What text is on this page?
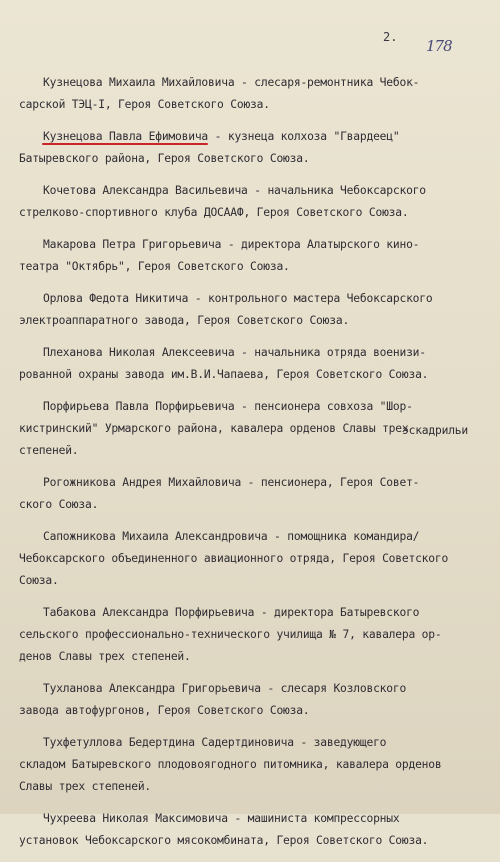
2. 178
эскадрильи
Кузнецова Михаила Михайловича - слесаря-ремонтника Чебок-
сарской ТЭЦ-I, Героя Советского Союза.
Кузнецова Павла Ефимовича
- кузнеца колхоза "Гвардеец"
Батыревского района, Героя Советского Союза.
Кочетова Александра Васильевича - начальника Чебоксарского
стрелково-спортивного клуба ДОСААФ, Героя Советского Союза.
Макарова Петра Григорьевича - директора Алатырского кино-
театра "Октябрь", Героя Советского Союза.
Орлова Федота Никитича - контрольного мастера Чебоксарского
электроаппаратного завода, Героя Советского Союза.
Плеханова Николая Алексеевича - начальника отряда военизи-
рованной охраны завода им.В.И.Чапаева, Героя Советского Союза.
Порфирьева Павла Порфирьевича - пенсионера совхоза "Шор-
кистринский" Урмарского района, кавалера орденов Славы трех
степеней.
Рогожникова Андрея Михайловича - пенсионера, Героя Совет-
ского Союза.
Сапожникова Михаила Александровича - помощника командира/
Чебоксарского объединенного авиационного отряда, Героя Советского
Союза.
Табакова Александра Порфирьевича - директора Батыревского
сельского профессионально-технического училища № 7, кавалера ор-
денов Славы трех степеней.
Тухланова Александра Григорьевича - слесаря Козловского
завода автофургонов, Героя Советского Союза.
Тухфетуллова Бедертдина Садертдиновича - заведующего
складом Батыревского плодовоягодного питомника, кавалера орденов
Славы трех степеней.
Чухреева Николая Максимовича - машиниста компрессорных
установок Чебоксарского мясокомбината, Героя Советского Союза.
